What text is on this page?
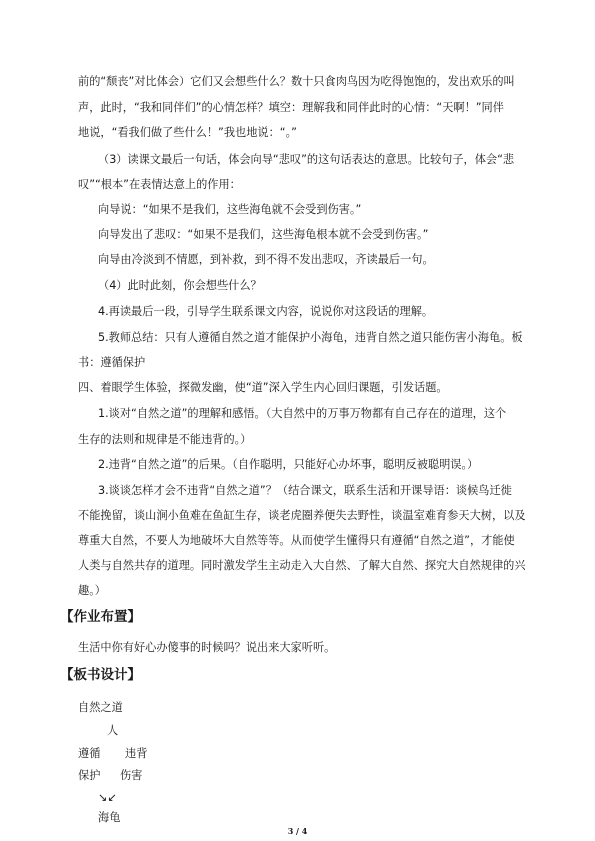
前的“颓丧”对比体会）它们又会想些什么？数十只食肉鸟因为吃得饱饱的，发出欢乐的叫
声，此时，“我和同伴们”的心情怎样？填空：理解我和同伴此时的心情：“天啊！”同伴
地说，“看我们做了些什么！”我也地说：“。”
（3）读课文最后一句话，体会向导“悲叹”的这句话表达的意思。比较句子，体会“悲
叹”“根本”在表情达意上的作用：
向导说：“如果不是我们，这些海龟就不会受到伤害。”
向导发出了悲叹：“如果不是我们，这些海龟根本就不会受到伤害。”
向导由冷淡到不情愿，到补救，到不得不发出悲叹，齐读最后一句。
（4）此时此刻，你会想些什么？
4.再读最后一段，引导学生联系课文内容，说说你对这段话的理解。
5.教师总结：只有人遵循自然之道才能保护小海龟，违背自然之道只能伤害小海龟。板
书：遵循保护
四、着眼学生体验，探微发幽，使“道”深入学生内心回归课题，引发话题。
1.谈对“自然之道”的理解和感悟。（大自然中的万事万物都有自己存在的道理，这个
生存的法则和规律是不能违背的。）
2.违背“自然之道”的后果。（自作聪明，只能好心办坏事，聪明反被聪明误。）
3.谈谈怎样才会不违背“自然之道”？（结合课文，联系生活和开课导语：谈候鸟迁徙
不能挽留，谈山涧小鱼难在鱼缸生存，谈老虎圈养便失去野性，谈温室难育参天大树，以及
尊重大自然，不要人为地破坏大自然等等。从而使学生懂得只有遵循“自然之道”，才能使
人类与自然共存的道理。同时激发学生主动走入大自然、了解大自然、探究大自然规律的兴
趣。）
【作业布置】
生活中你有好心办傻事的时候吗？说出来大家听听。
【板书设计】
自然之道
人
遵循 违背
保护 伤害
↘↙
海龟
3 / 4
